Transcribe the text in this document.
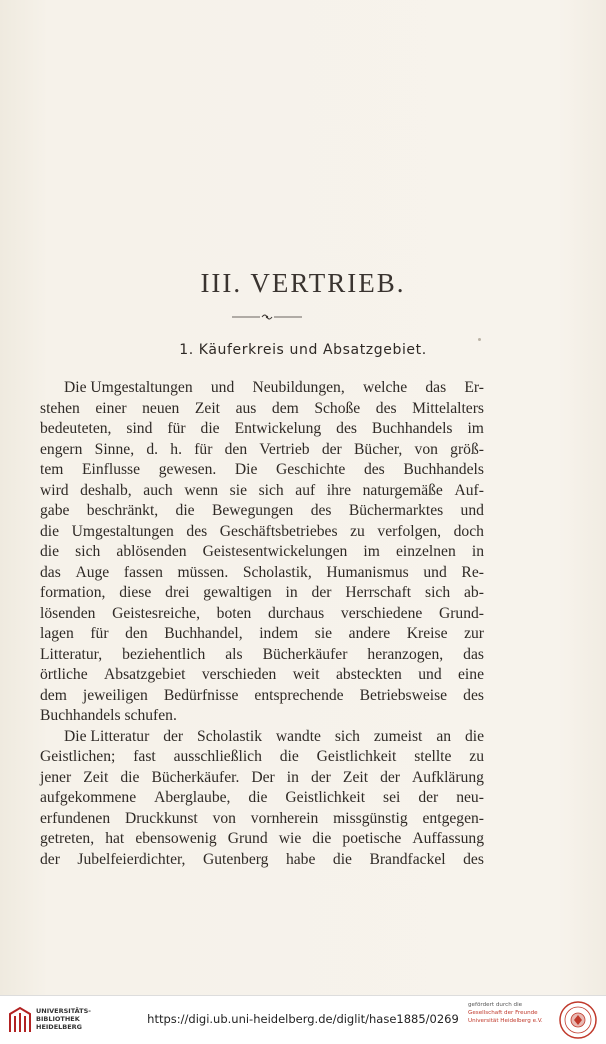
III. VERTRIEB.
1. Käuferkreis und Absatzgebiet.
Die Umgestaltungen und Neubildungen, welche das Er-
stehen einer neuen Zeit aus dem Schoße des Mittelalters
bedeuteten, sind für die Entwickelung des Buchhandels im
engern Sinne, d. h. für den Vertrieb der Bücher, von größ-
tem Einflusse gewesen. Die Geschichte des Buchhandels
wird deshalb, auch wenn sie sich auf ihre naturgemäße Auf-
gabe beschränkt, die Bewegungen des Büchermarktes und
die Umgestaltungen des Geschäftsbetriebes zu verfolgen, doch
die sich ablösenden Geistesentwickelungen im einzelnen in
das Auge fassen müssen. Scholastik, Humanismus und Re-
formation, diese drei gewaltigen in der Herrschaft sich ab-
lösenden Geistesreiche, boten durchaus verschiedene Grund-
lagen für den Buchhandel, indem sie andere Kreise zur
Litteratur, beziehentlich als Bücherkäufer heranzogen, das
örtliche Absatzgebiet verschieden weit absteckten und eine
dem jeweiligen Bedürfnisse entsprechende Betriebsweise des
Buchhandels schufen.
Die Litteratur der Scholastik wandte sich zumeist an die
Geistlichen; fast ausschließlich die Geistlichkeit stellte zu
jener Zeit die Bücherkäufer. Der in der Zeit der Aufklärung
aufgekommene Aberglaube, die Geistlichkeit sei der neu-
erfundenen Druckkunst von vornherein missgünstig entgegen-
getreten, hat ebensowenig Grund wie die poetische Auffassung
der Jubelfeierdichter, Gutenberg habe die Brandfackel des
UNIVERSITÄTS-
BIBLIOTHEK
HEIDELBERG
https://digi.ub.uni-heidelberg.de/diglit/hase1885/0269
gefördert durch die
Gesellschaft der Freunde
Universität Heidelberg e.V.
